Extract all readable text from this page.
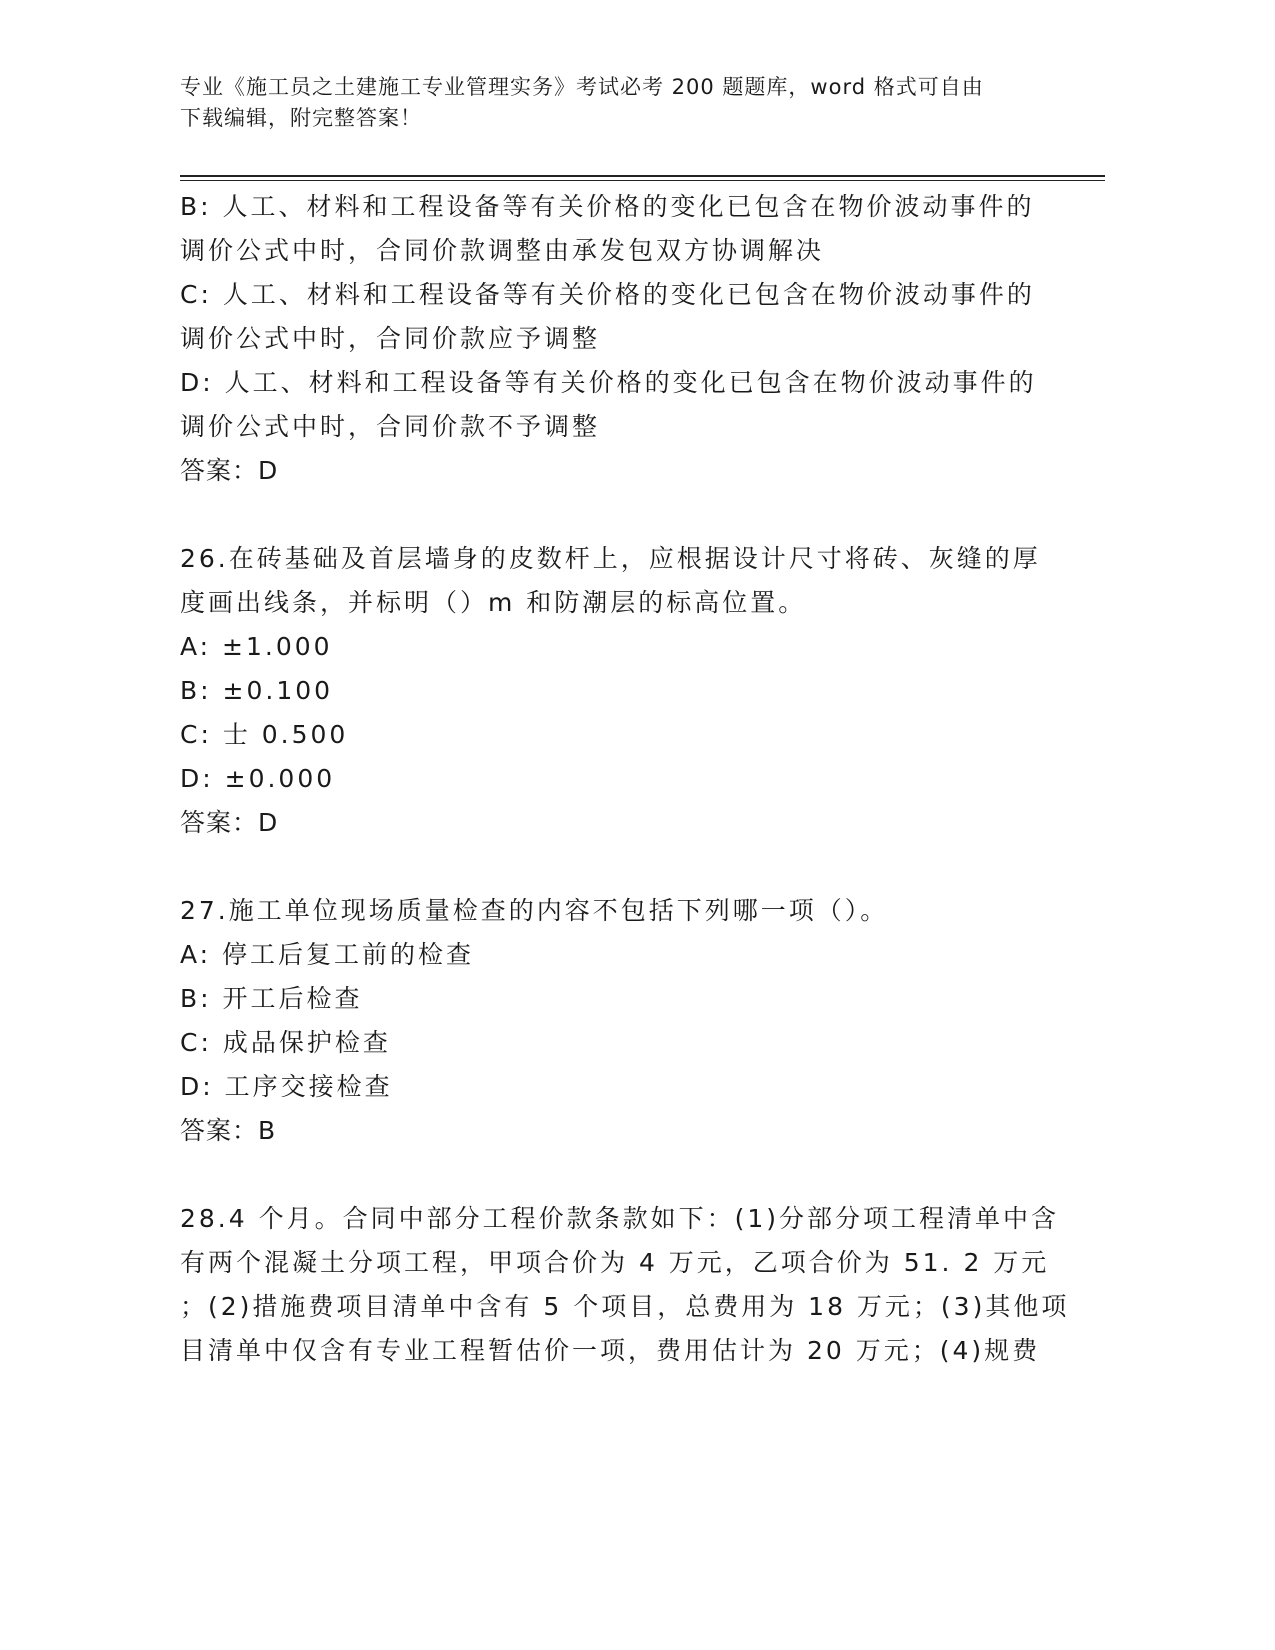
专业《施工员之土建施工专业管理实务》考试必考 200 题题库，word 格式可自由
下载编辑，附完整答案！
B: 人工、材料和工程设备等有关价格的变化已包含在物价波动事件的
调价公式中时，合同价款调整由承发包双方协调解决
C: 人工、材料和工程设备等有关价格的变化已包含在物价波动事件的
调价公式中时，合同价款应予调整
D: 人工、材料和工程设备等有关价格的变化已包含在物价波动事件的
调价公式中时，合同价款不予调整
答案：D
26.在砖基础及首层墙身的皮数杆上，应根据设计尺寸将砖、灰缝的厚
度画出线条，并标明（）m 和防潮层的标高位置。
A: ±1.000
B: ±0.100
C: 士 0.500
D: ±0.000
答案：D
27.施工单位现场质量检查的内容不包括下列哪一项（）。
A: 停工后复工前的检查
B: 开工后检查
C: 成品保护检查
D: 工序交接检查
答案：B
28.4 个月。合同中部分工程价款条款如下：(1)分部分项工程清单中含
有两个混凝土分项工程，甲项合价为 4 万元，乙项合价为 51. 2 万元
；(2)措施费项目清单中含有 5 个项目，总费用为 18 万元；(3)其他项
目清单中仅含有专业工程暂估价一项，费用估计为 20 万元；(4)规费
